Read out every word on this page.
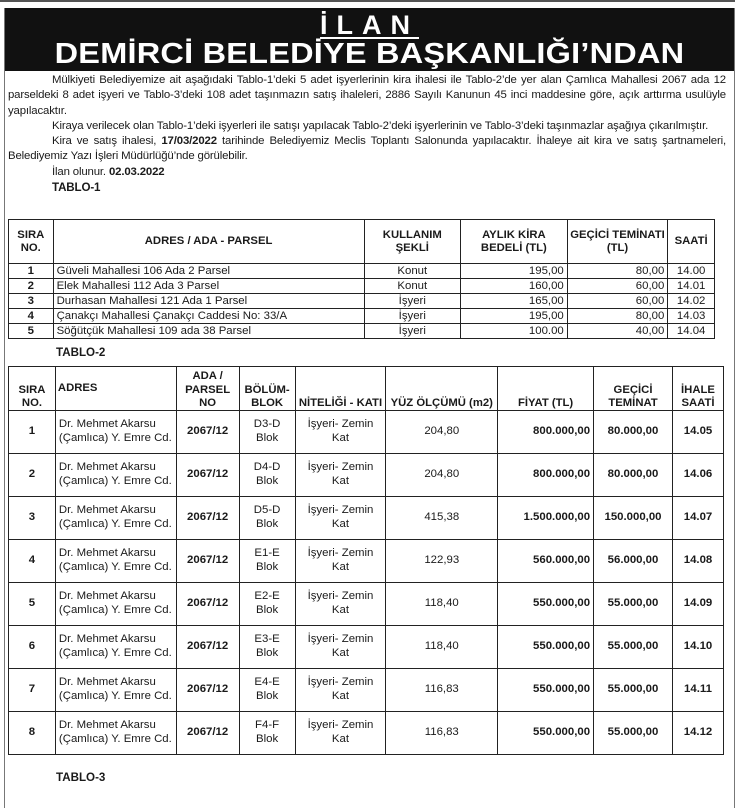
İLAN
DEMİRCİ BELEDİYE BAŞKANLIĞI’NDAN

Mülkiyeti Belediyemize ait aşağıdaki Tablo-1’deki 5 adet işyerlerinin kira ihalesi ile Tablo-2’de yer alan Çamlıca Mahallesi 2067 ada 12 parseldeki 8 adet işyeri ve Tablo-3’deki 108 adet taşınmazın satış ihaleleri, 2886 Sayılı Kanunun 45 inci maddesine göre, açık arttırma usulüyle yapılacaktır.

Kiraya verilecek olan Tablo-1’deki işyerleri ile satışı yapılacak Tablo-2’deki işyerlerinin ve Tablo-3’deki taşınmazlar aşağıya çıkarılmıştır.

Kira ve satış ihalesi, 17/03/2022 tarihinde Belediyemiz Meclis Toplantı Salonunda yapılacaktır. İhaleye ait kira ve satış şartnameleri, Belediyemiz Yazı İşleri Müdürlüğü’nde görülebilir.

İlan olunur. 02.03.2022

TABLO-1

SIRA NO.	ADRES / ADA - PARSEL	KULLANIM ŞEKLİ	AYLIK KİRA BEDELİ (TL)	GEÇİCİ TEMİNATI (TL)	SAATİ
1	Güveli Mahallesi 106 Ada 2 Parsel	Konut	195,00	80,00	14.00
2	Elek Mahallesi 112 Ada 3 Parsel	Konut	160,00	60,00	14.01
3	Durhasan Mahallesi 121 Ada 1 Parsel	İşyeri	165,00	60,00	14.02
4	Çanakçı Mahallesi Çanakçı Caddesi No: 33/A	İşyeri	195,00	80,00	14.03
5	Söğütçük Mahallesi 109 ada 38 Parsel	İşyeri	100.00	40,00	14.04
TABLO-2
SIRA NO.	ADRES	ADA / PARSEL NO	BÖLÜM- BLOK	NİTELİĞİ - KATI	YÜZ ÖLÇÜMÜ (m2)	FİYAT (TL)	GEÇİCİ TEMİNAT	İHALE SAATİ
1	Dr. Mehmet Akarsu (Çamlıca) Y. Emre Cd.	2067/12	D3-D Blok	İşyeri- Zemin Kat	204,80	800.000,00	80.000,00	14.05
2	Dr. Mehmet Akarsu (Çamlıca) Y. Emre Cd.	2067/12	D4-D Blok	İşyeri- Zemin Kat	204,80	800.000,00	80.000,00	14.06
3	Dr. Mehmet Akarsu (Çamlıca) Y. Emre Cd.	2067/12	D5-D Blok	İşyeri- Zemin Kat	415,38	1.500.000,00	150.000,00	14.07
4	Dr. Mehmet Akarsu (Çamlıca) Y. Emre Cd.	2067/12	E1-E Blok	İşyeri- Zemin Kat	122,93	560.000,00	56.000,00	14.08
5	Dr. Mehmet Akarsu (Çamlıca) Y. Emre Cd.	2067/12	E2-E Blok	İşyeri- Zemin Kat	118,40	550.000,00	55.000,00	14.09
6	Dr. Mehmet Akarsu (Çamlıca) Y. Emre Cd.	2067/12	E3-E Blok	İşyeri- Zemin Kat	118,40	550.000,00	55.000,00	14.10
7	Dr. Mehmet Akarsu (Çamlıca) Y. Emre Cd.	2067/12	E4-E Blok	İşyeri- Zemin Kat	116,83	550.000,00	55.000,00	14.11
8	Dr. Mehmet Akarsu (Çamlıca) Y. Emre Cd.	2067/12	F4-F Blok	İşyeri- Zemin Kat	116,83	550.000,00	55.000,00	14.12
TABLO-3
